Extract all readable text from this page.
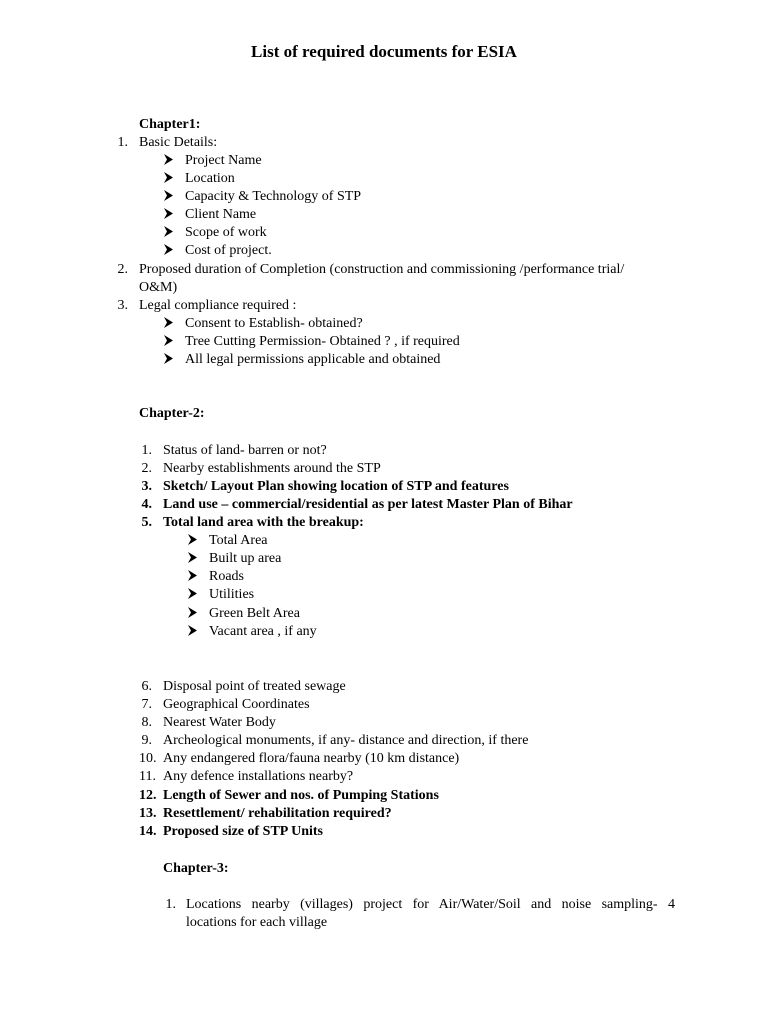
List of required documents for ESIA
Chapter1:
1. Basic Details:
Project Name
Location
Capacity & Technology of STP
Client Name
Scope of work
Cost of project.
2. Proposed duration of Completion (construction and commissioning /performance trial/
O&M)
3. Legal compliance required :
Consent to Establish- obtained?
Tree Cutting Permission- Obtained ? , if required
All legal permissions applicable and obtained
Chapter-2:
1. Status of land- barren or not?
2. Nearby establishments around the STP
3. Sketch/ Layout Plan showing location of STP and features
4. Land use – commercial/residential as per latest Master Plan of Bihar
5. Total land area with the breakup:
Total Area
Built up area
Roads
Utilities
Green Belt Area
Vacant area , if any
6. Disposal point of treated sewage
7. Geographical Coordinates
8. Nearest Water Body
9. Archeological monuments, if any- distance and direction, if there
10. Any endangered flora/fauna nearby (10 km distance)
11. Any defence installations nearby?
12. Length of Sewer and nos. of Pumping Stations
13. Resettlement/ rehabilitation required?
14. Proposed size of STP Units
Chapter-3:
1. Locations nearby (villages) project for Air/Water/Soil and noise sampling- 4
locations for each village
